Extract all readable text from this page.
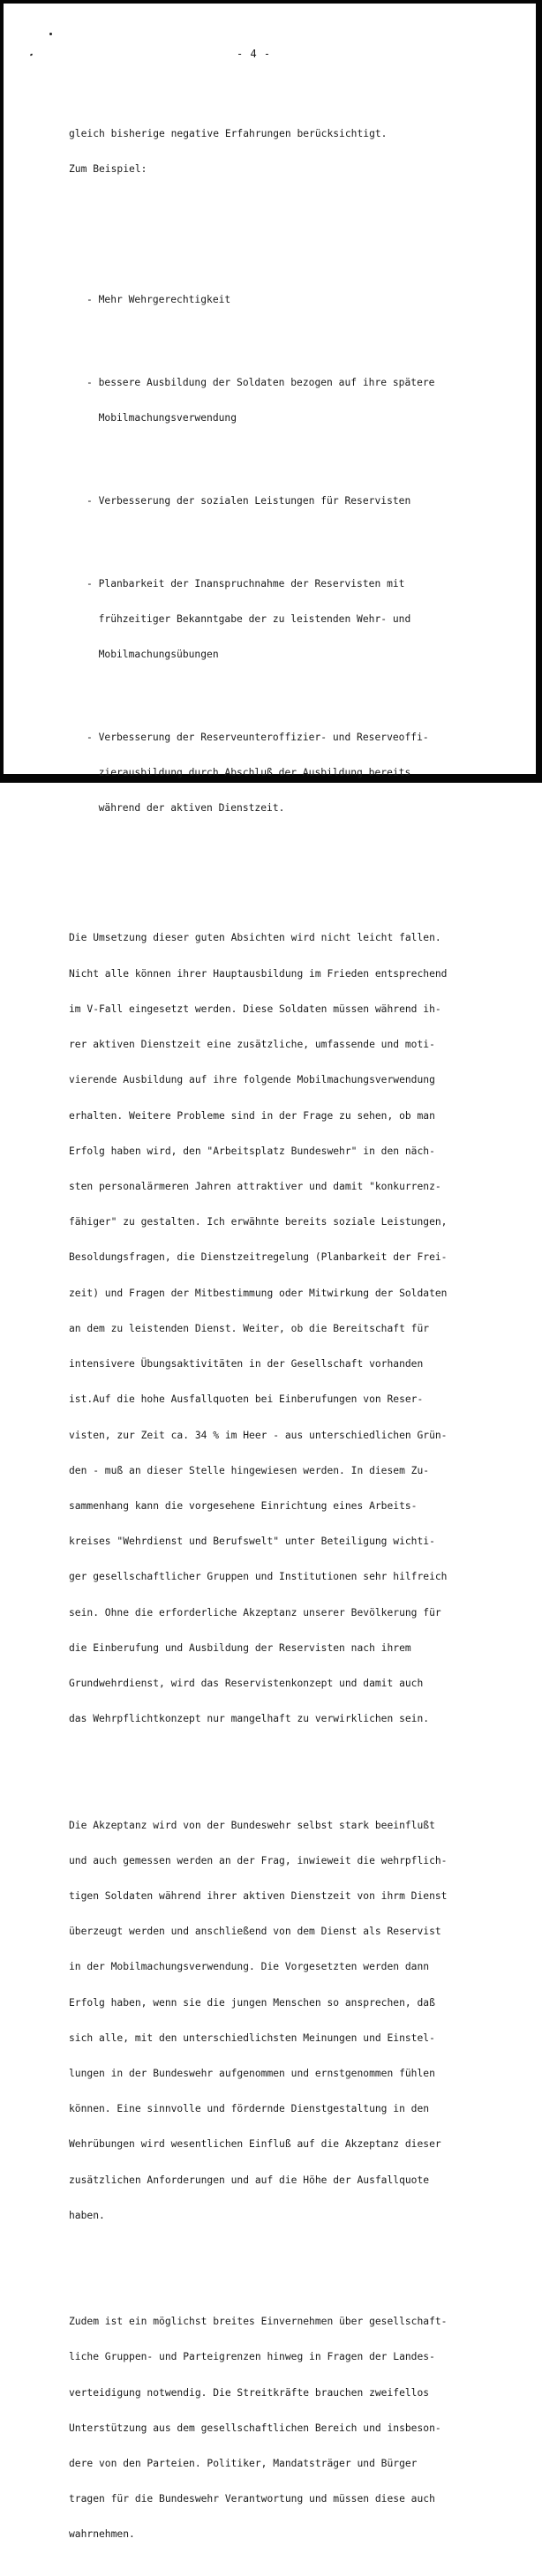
- 4 -

gleich bisherige negative Erfahrungen berücksichtigt.

Zum Beispiel:

- Mehr Wehrgerechtigkeit

- bessere Ausbildung der Soldaten bezogen auf ihre spätere

Mobilmachungsverwendung

- Verbesserung der sozialen Leistungen für Reservisten

- Planbarkeit der Inanspruchnahme der Reservisten mit

frühzeitiger Bekanntgabe der zu leistenden Wehr- und

Mobilmachungsübungen

- Verbesserung der Reserveunteroffizier- und Reserveoffi-

zierausbildung durch Abschluß der Ausbildung bereits

während der aktiven Dienstzeit.

Die Umsetzung dieser guten Absichten wird nicht leicht fallen.

Nicht alle können ihrer Hauptausbildung im Frieden entsprechend

im V-Fall eingesetzt werden. Diese Soldaten müssen während ih-

rer aktiven Dienstzeit eine zusätzliche, umfassende und moti-

vierende Ausbildung auf ihre folgende Mobilmachungsverwendung

erhalten. Weitere Probleme sind in der Frage zu sehen, ob man

Erfolg haben wird, den "Arbeitsplatz Bundeswehr" in den näch-

sten personalärmeren Jahren attraktiver und damit "konkurrenz-

fähiger" zu gestalten. Ich erwähnte bereits soziale Leistungen,

Besoldungsfragen, die Dienstzeitregelung (Planbarkeit der Frei-

zeit) und Fragen der Mitbestimmung oder Mitwirkung der Soldaten

an dem zu leistenden Dienst. Weiter, ob die Bereitschaft für

intensivere Übungsaktivitäten in der Gesellschaft vorhanden

ist.Auf die hohe Ausfallquoten bei Einberufungen von Reser-

visten, zur Zeit ca. 34 % im Heer - aus unterschiedlichen Grün-

den - muß an dieser Stelle hingewiesen werden. In diesem Zu-

sammenhang kann die vorgesehene Einrichtung eines Arbeits-

kreises "Wehrdienst und Berufswelt" unter Beteiligung wichti-

ger gesellschaftlicher Gruppen und Institutionen sehr hilfreich

sein. Ohne die erforderliche Akzeptanz unserer Bevölkerung für

die Einberufung und Ausbildung der Reservisten nach ihrem

Grundwehrdienst, wird das Reservistenkonzept und damit auch

das Wehrpflichtkonzept nur mangelhaft zu verwirklichen sein.

Die Akzeptanz wird von der Bundeswehr selbst stark beeinflußt

und auch gemessen werden an der Frag, inwieweit die wehrpflich-

tigen Soldaten während ihrer aktiven Dienstzeit von ihrm Dienst

überzeugt werden und anschließend von dem Dienst als Reservist

in der Mobilmachungsverwendung. Die Vorgesetzten werden dann

Erfolg haben, wenn sie die jungen Menschen so ansprechen, daß

sich alle, mit den unterschiedlichsten Meinungen und Einstel-

lungen in der Bundeswehr aufgenommen und ernstgenommen fühlen

können. Eine sinnvolle und fördernde Dienstgestaltung in den

Wehrübungen wird wesentlichen Einfluß auf die Akzeptanz dieser

zusätzlichen Anforderungen und auf die Höhe der Ausfallquote

haben.

Zudem ist ein möglichst breites Einvernehmen über gesellschaft-

liche Gruppen- und Parteigrenzen hinweg in Fragen der Landes-

verteidigung notwendig. Die Streitkräfte brauchen zweifellos

Unterstützung aus dem gesellschaftlichen Bereich und insbeson-

dere von den Parteien. Politiker, Mandatsträger und Bürger

tragen für die Bundeswehr Verantwortung und müssen diese auch

wahrnehmen.
